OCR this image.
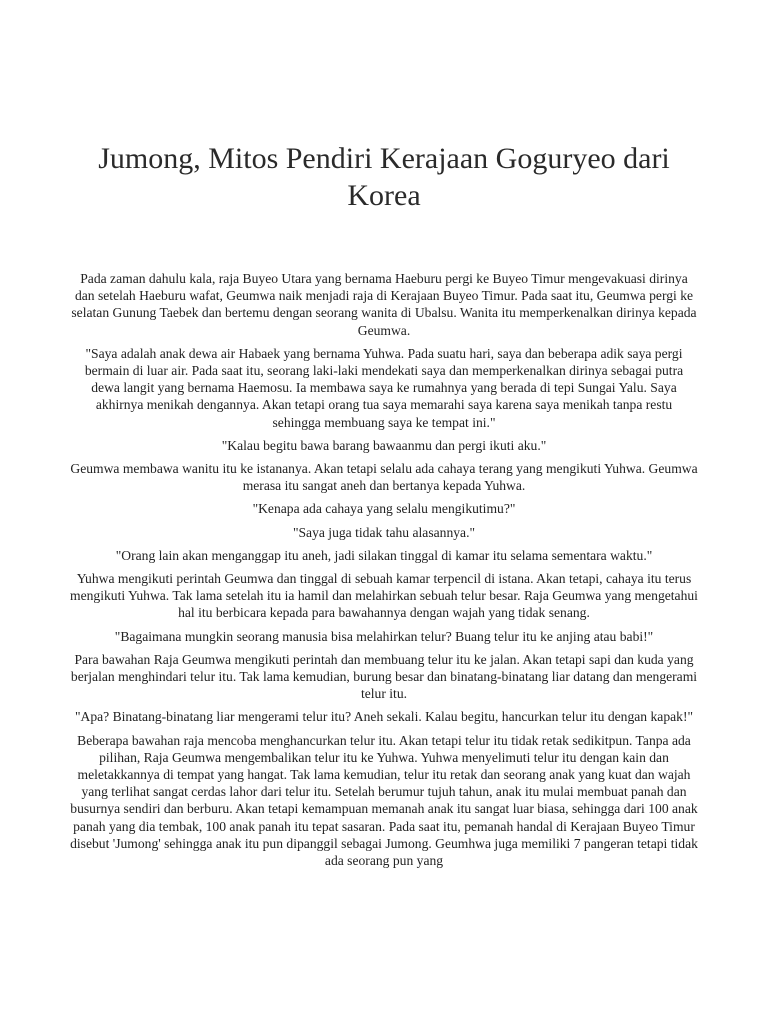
Jumong, Mitos Pendiri Kerajaan Goguryeo dari Korea

Pada zaman dahulu kala, raja Buyeo Utara yang bernama Haeburu pergi ke Buyeo Timur mengevakuasi dirinya dan setelah Haeburu wafat, Geumwa naik menjadi raja di Kerajaan Buyeo Timur. Pada saat itu, Geumwa pergi ke selatan Gunung Taebek dan bertemu dengan seorang wanita di Ubalsu. Wanita itu memperkenalkan dirinya kepada Geumwa.

"Saya adalah anak dewa air Habaek yang bernama Yuhwa. Pada suatu hari, saya dan beberapa adik saya pergi bermain di luar air. Pada saat itu, seorang laki-laki mendekati saya dan memperkenalkan dirinya sebagai putra dewa langit yang bernama Haemosu. Ia membawa saya ke rumahnya yang berada di tepi Sungai Yalu. Saya akhirnya menikah dengannya. Akan tetapi orang tua saya memarahi saya karena saya menikah tanpa restu sehingga membuang saya ke tempat ini."

"Kalau begitu bawa barang bawaanmu dan pergi ikuti aku."

Geumwa membawa wanitu itu ke istananya. Akan tetapi selalu ada cahaya terang yang mengikuti Yuhwa. Geumwa merasa itu sangat aneh dan bertanya kepada Yuhwa.

"Kenapa ada cahaya yang selalu mengikutimu?"

"Saya juga tidak tahu alasannya."

"Orang lain akan menganggap itu aneh, jadi silakan tinggal di kamar itu selama sementara waktu."

Yuhwa mengikuti perintah Geumwa dan tinggal di sebuah kamar terpencil di istana. Akan tetapi, cahaya itu terus mengikuti Yuhwa. Tak lama setelah itu ia hamil dan melahirkan sebuah telur besar. Raja Geumwa yang mengetahui hal itu berbicara kepada para bawahannya dengan wajah yang tidak senang.

"Bagaimana mungkin seorang manusia bisa melahirkan telur? Buang telur itu ke anjing atau babi!"

Para bawahan Raja Geumwa mengikuti perintah dan membuang telur itu ke jalan. Akan tetapi sapi dan kuda yang berjalan menghindari telur itu. Tak lama kemudian, burung besar dan binatang-binatang liar datang dan mengerami telur itu.

"Apa? Binatang-binatang liar mengerami telur itu? Aneh sekali. Kalau begitu, hancurkan telur itu dengan kapak!"

Beberapa bawahan raja mencoba menghancurkan telur itu. Akan tetapi telur itu tidak retak sedikitpun. Tanpa ada pilihan, Raja Geumwa mengembalikan telur itu ke Yuhwa. Yuhwa menyelimuti telur itu dengan kain dan meletakkannya di tempat yang hangat. Tak lama kemudian, telur itu retak dan seorang anak yang kuat dan wajah yang terlihat sangat cerdas lahor dari telur itu. Setelah berumur tujuh tahun, anak itu mulai membuat panah dan busurnya sendiri dan berburu. Akan tetapi kemampuan memanah anak itu sangat luar biasa, sehingga dari 100 anak panah yang dia tembak, 100 anak panah itu tepat sasaran. Pada saat itu, pemanah handal di Kerajaan Buyeo Timur disebut 'Jumong' sehingga anak itu pun dipanggil sebagai Jumong. Geumhwa juga memiliki 7 pangeran tetapi tidak ada seorang pun yang
